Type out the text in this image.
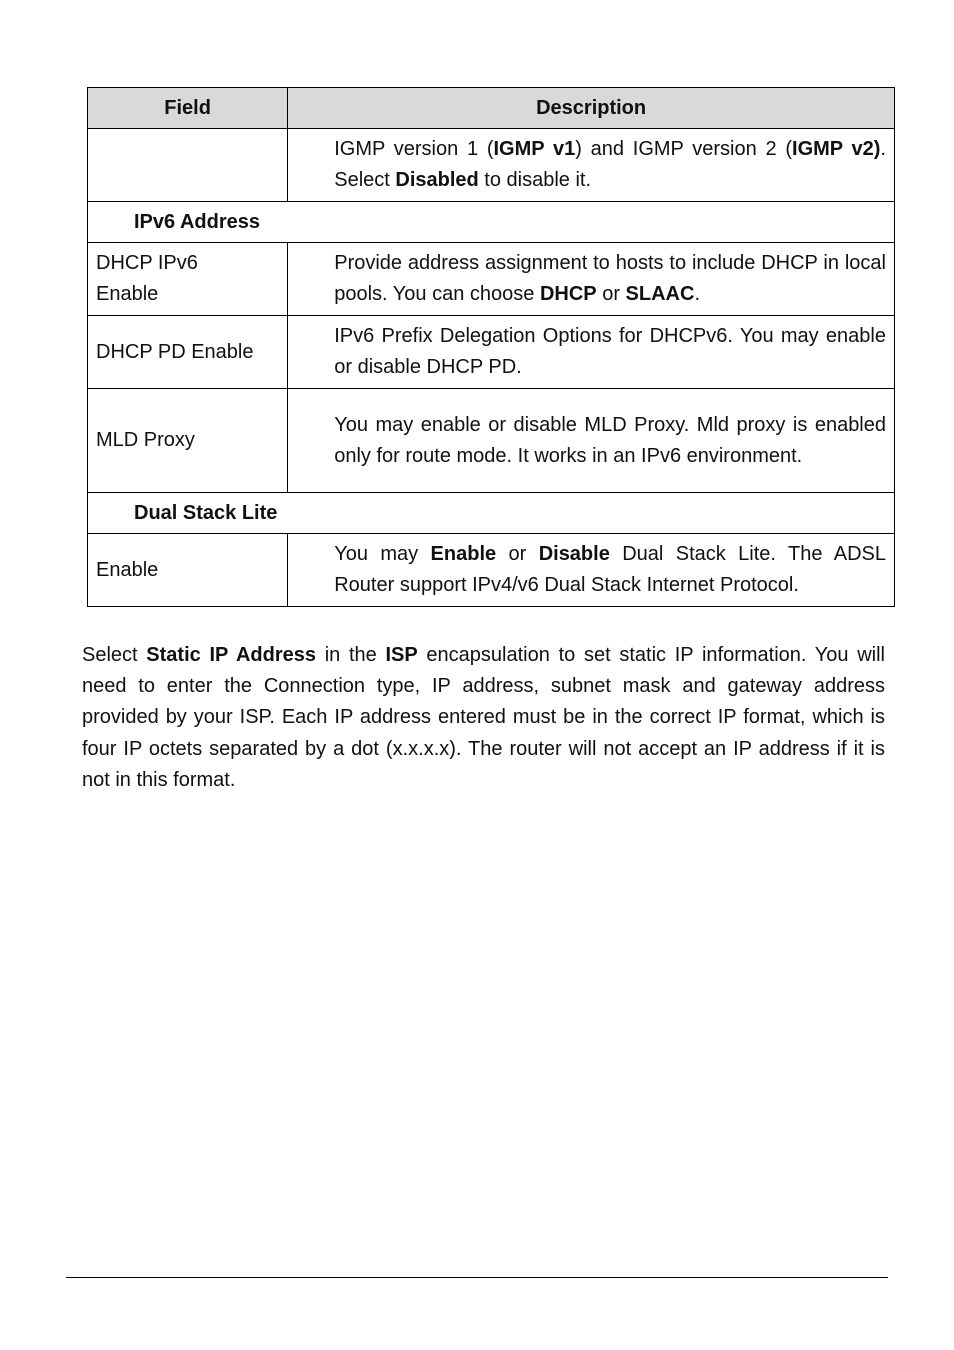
Field	Description
	IGMP version 1 (IGMP v1) and IGMP version 2 (IGMP v2). Select Disabled to disable it.
IPv6 Address	
DHCP IPv6 Enable	Provide address assignment to hosts to include DHCP in local pools. You can choose DHCP or SLAAC.
DHCP PD Enable	IPv6 Prefix Delegation Options for DHCPv6. You may enable or disable DHCP PD.
MLD Proxy	You may enable or disable MLD Proxy. Mld proxy is enabled only for route mode. It works in an IPv6 environment.
Dual Stack Lite	
Enable	You may Enable or Disable Dual Stack Lite. The ADSL Router support IPv4/v6 Dual Stack Internet Protocol.

Select Static IP Address in the ISP encapsulation to set static IP information. You will need to enter the Connection type, IP address, subnet mask and gateway address provided by your ISP. Each IP address entered must be in the correct IP format, which is four IP octets separated by a dot (x.x.x.x). The router will not accept an IP address if it is not in this format.
